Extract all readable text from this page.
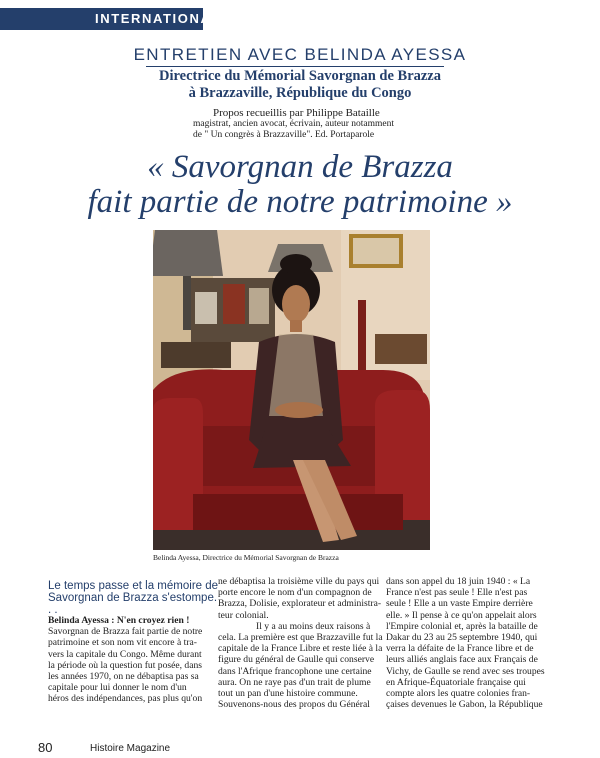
INTERNATIONAL
ENTRETIEN AVEC BELINDA AYESSA
Directrice du Mémorial Savorgnan de Brazza
à Brazzaville, République du Congo
Propos recueillis par Philippe Bataille
magistrat, ancien avocat, écrivain, auteur notamment
de " Un congrès à Brazzaville". Ed. Portaparole
« Savorgnan de Brazza
fait partie de notre patrimoine »
Belinda Ayessa, Directrice du Mémorial Savorgnan de Brazza
Le temps passe et la mémoire de Savorgnan de Brazza s'estompe. . .
Belinda Ayessa : N'en croyez rien !
Savorgnan de Brazza fait partie de notre
patrimoine et son nom vit encore à tra-
vers la capitale du Congo. Même durant
la période où la question fut posée, dans
les années 1970, on ne débaptisa pas sa
capitale pour lui donner le nom d'un
héros des indépendances, pas plus qu'on
ne débaptisa la troisième ville du pays qui
porte encore le nom d'un compagnon de
Brazza, Dolisie, explorateur et administra-
teur colonial.
Il y a au moins deux raisons à
cela. La première est que Brazzaville fut la
capitale de la France Libre et reste liée à la
figure du général de Gaulle qui conserve
dans l'Afrique francophone une certaine
aura. On ne raye pas d'un trait de plume
tout un pan d'une histoire commune.
Souvenons-nous des propos du Général
dans son appel du 18 juin 1940 : « La
France n'est pas seule ! Elle n'est pas
seule ! Elle a un vaste Empire derrière
elle. » Il pense à ce qu'on appelait alors
l'Empire colonial et, après la bataille de
Dakar du 23 au 25 septembre 1940, qui
verra la défaite de la France libre et de
leurs alliés anglais face aux Français de
Vichy, de Gaulle se rend avec ses troupes
en Afrique-Équatoriale française qui
compte alors les quatre colonies fran-
çaises devenues le Gabon, la République
80	Histoire Magazine
